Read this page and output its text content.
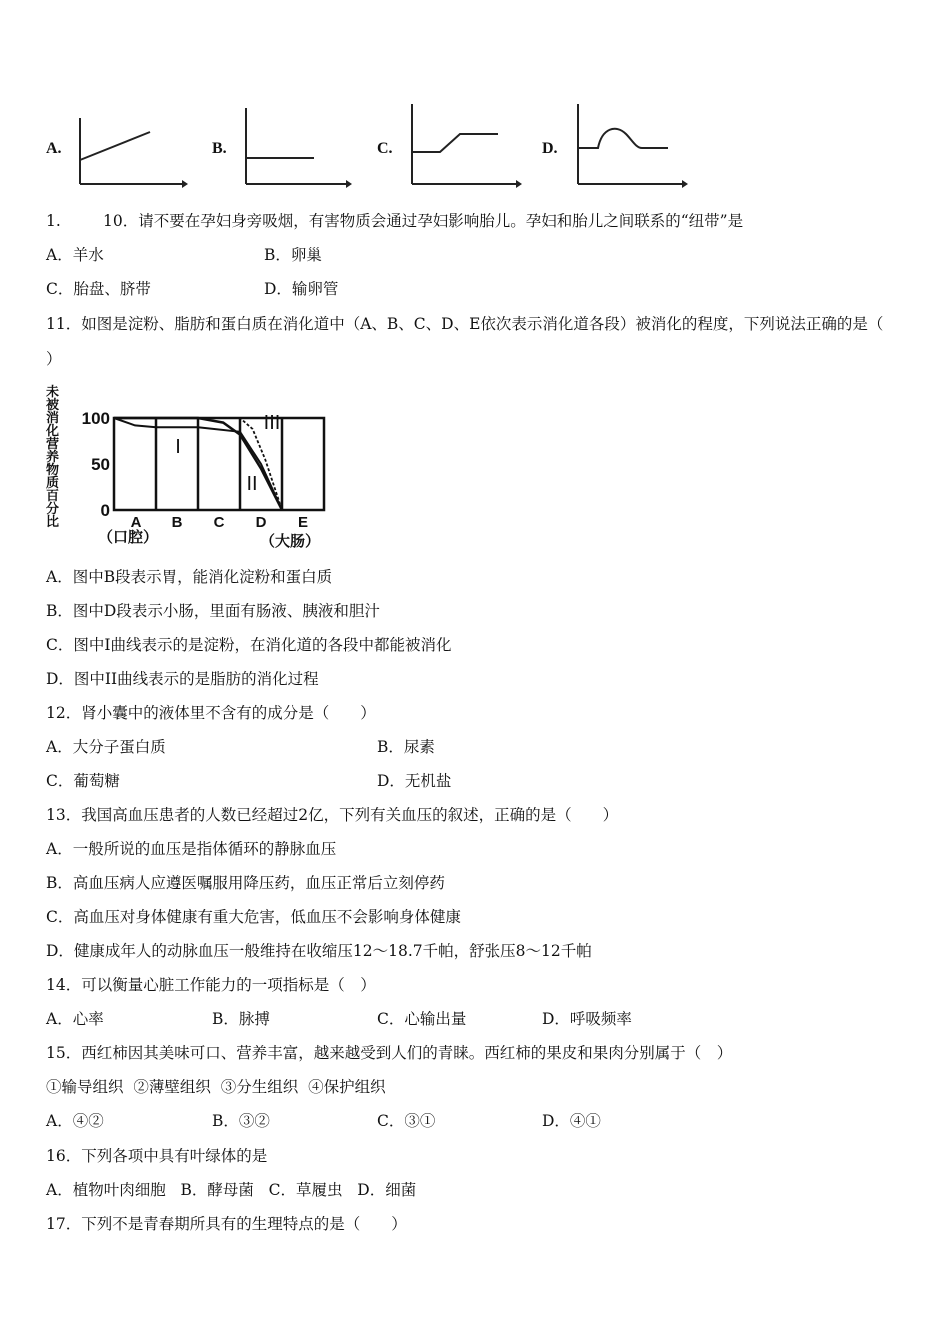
A.	B.	C.	D.
1.	10．请不要在孕妇身旁吸烟，有害物质会通过孕妇影响胎儿。孕妇和胎儿之间联系的“纽带”是
A．羊水	B．卵巢
C．胎盘、脐带	D．输卵管
11．如图是淀粉、脂肪和蛋白质在消化道中（A、B、C、D、E依次表示消化道各段）被消化的程度，下列说法正确的是（
）
未被消化营养物质百分比
100
50
0
A B C D E
（口腔）	（大肠）
I
II
III
A．图中B段表示胃，能消化淀粉和蛋白质
B．图中D段表示小肠，里面有肠液、胰液和胆汁
C．图中I曲线表示的是淀粉，在消化道的各段中都能被消化
D．图中II曲线表示的是脂肪的消化过程
12．肾小囊中的液体里不含有的成分是（　　）
A．大分子蛋白质	B．尿素
C．葡萄糖	D．无机盐
13．我国高血压患者的人数已经超过2亿，下列有关血压的叙述，正确的是（　　）
A．一般所说的血压是指体循环的静脉血压
B．高血压病人应遵医嘱服用降压药，血压正常后立刻停药
C．高血压对身体健康有重大危害，低血压不会影响身体健康
D．健康成年人的动脉血压一般维持在收缩压12～18.7千帕，舒张压8～12千帕
14．可以衡量心脏工作能力的一项指标是（　）
A．心率	B．脉搏	C．心输出量	D．呼吸频率
15．西红柿因其美味可口、营养丰富，越来越受到人们的青睐。西红柿的果皮和果肉分别属于（　）
①输导组织  ②薄壁组织  ③分生组织  ④保护组织
A．④②	B．③②	C．③①	D．④①
16．下列各项中具有叶绿体的是
A．植物叶肉细胞   B．酵母菌   C．草履虫   D．细菌
17．下列不是青春期所具有的生理特点的是（　　）
